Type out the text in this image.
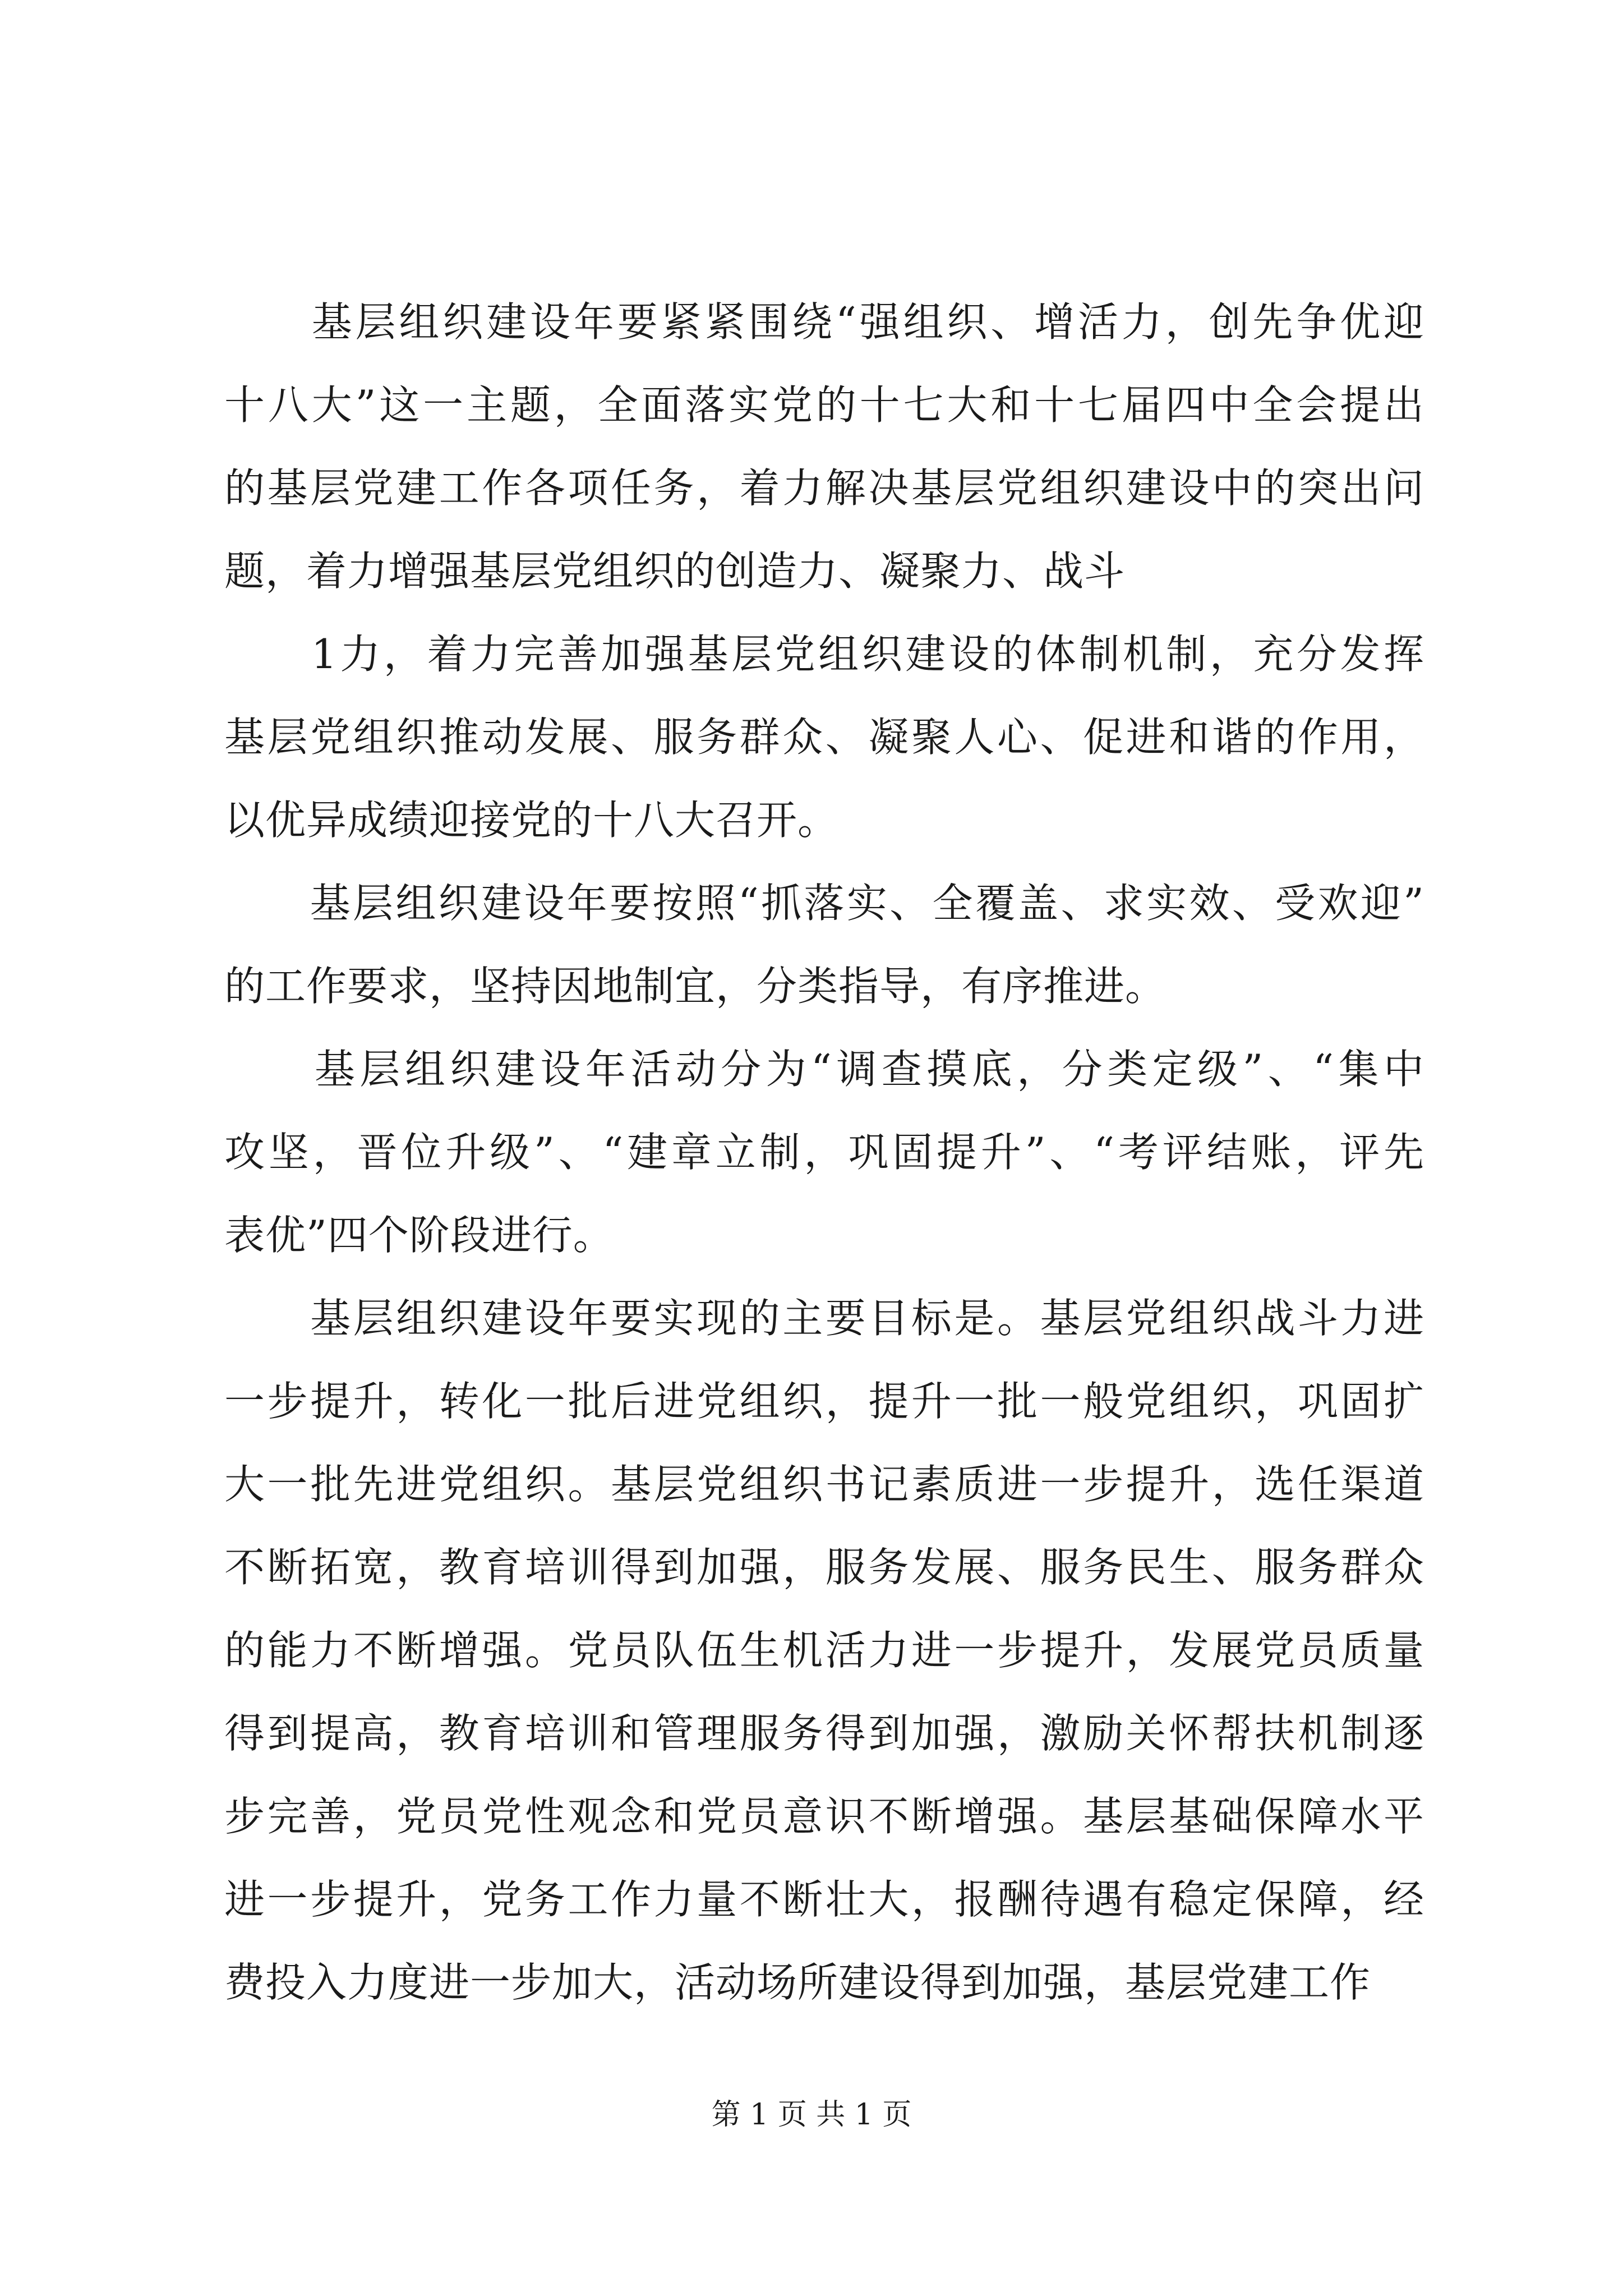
　　基层组织建设年要紧紧围绕“强组织、增活力，创先争优迎
十八大”这一主题，全面落实党的十七大和十七届四中全会提出
的基层党建工作各项任务，着力解决基层党组织建设中的突出问
题，着力增强基层党组织的创造力、凝聚力、战斗
　　1力，着力完善加强基层党组织建设的体制机制，充分发挥
基层党组织推动发展、服务群众、凝聚人心、促进和谐的作用，
以优异成绩迎接党的十八大召开。
　　基层组织建设年要按照“抓落实、全覆盖、求实效、受欢迎”
的工作要求，坚持因地制宜，分类指导，有序推进。
　　基层组织建设年活动分为“调查摸底，分类定级”、“集中
攻坚，晋位升级”、“建章立制，巩固提升”、“考评结账，评先
表优”四个阶段进行。
　　基层组织建设年要实现的主要目标是。基层党组织战斗力进
一步提升，转化一批后进党组织，提升一批一般党组织，巩固扩
大一批先进党组织。基层党组织书记素质进一步提升，选任渠道
不断拓宽，教育培训得到加强，服务发展、服务民生、服务群众
的能力不断增强。党员队伍生机活力进一步提升，发展党员质量
得到提高，教育培训和管理服务得到加强，激励关怀帮扶机制逐
步完善，党员党性观念和党员意识不断增强。基层基础保障水平
进一步提升，党务工作力量不断壮大，报酬待遇有稳定保障，经
费投入力度进一步加大，活动场所建设得到加强，基层党建工作
第 1 页 共 1 页
